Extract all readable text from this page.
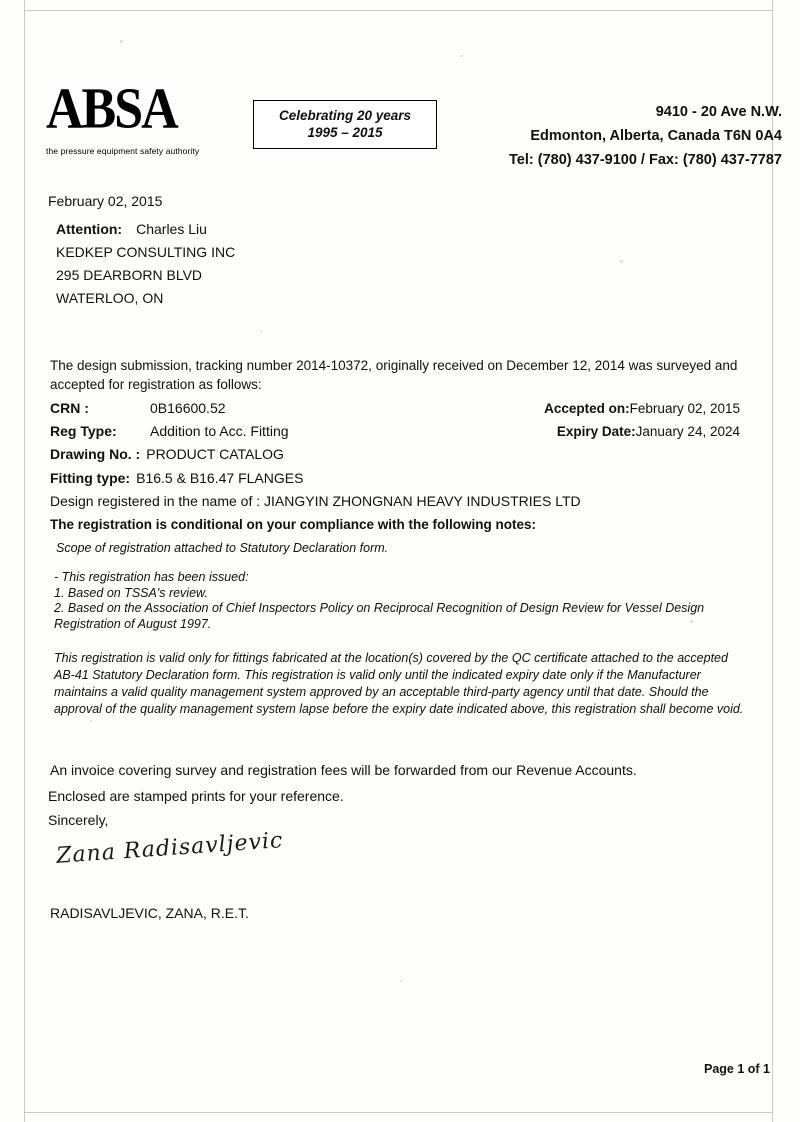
ABSA
the pressure equipment safety authority
Celebrating 20 years
1995 – 2015
9410 - 20 Ave N.W.
Edmonton, Alberta, Canada T6N 0A4
Tel: (780) 437-9100 / Fax: (780) 437-7787
February 02, 2015
Attention: Charles Liu
KEDKEP CONSULTING INC
295 DEARBORN BLVD
WATERLOO, ON
The design submission, tracking number 2014-10372, originally received on December 12, 2014 was surveyed and accepted for registration as follows:
CRN :	0B16600.52
Reg Type: Addition to Acc. Fitting
Drawing No. : PRODUCT CATALOG
Fitting type: B16.5 & B16.47 FLANGES
Accepted on:February 02, 2015
Expiry Date:January 24, 2024
Design registered in the name of : JIANGYIN ZHONGNAN HEAVY INDUSTRIES LTD
The registration is conditional on your compliance with the following notes:
Scope of registration attached to Statutory Declaration form.
- This registration has been issued:
1. Based on TSSA's review.
2. Based on the Association of Chief Inspectors Policy on Reciprocal Recognition of Design Review for Vessel Design Registration of August 1997.
This registration is valid only for fittings fabricated at the location(s) covered by the QC certificate attached to the accepted AB-41 Statutory Declaration form. This registration is valid only until the indicated expiry date only if the Manufacturer maintains a valid quality management system approved by an acceptable third-party agency until that date. Should the approval of the quality management system lapse before the expiry date indicated above, this registration shall become void.
An invoice covering survey and registration fees will be forwarded from our Revenue Accounts.
Enclosed are stamped prints for your reference.
Sincerely,
Zana Radisavljevic
RADISAVLJEVIC, ZANA, R.E.T.
Page 1 of 1
